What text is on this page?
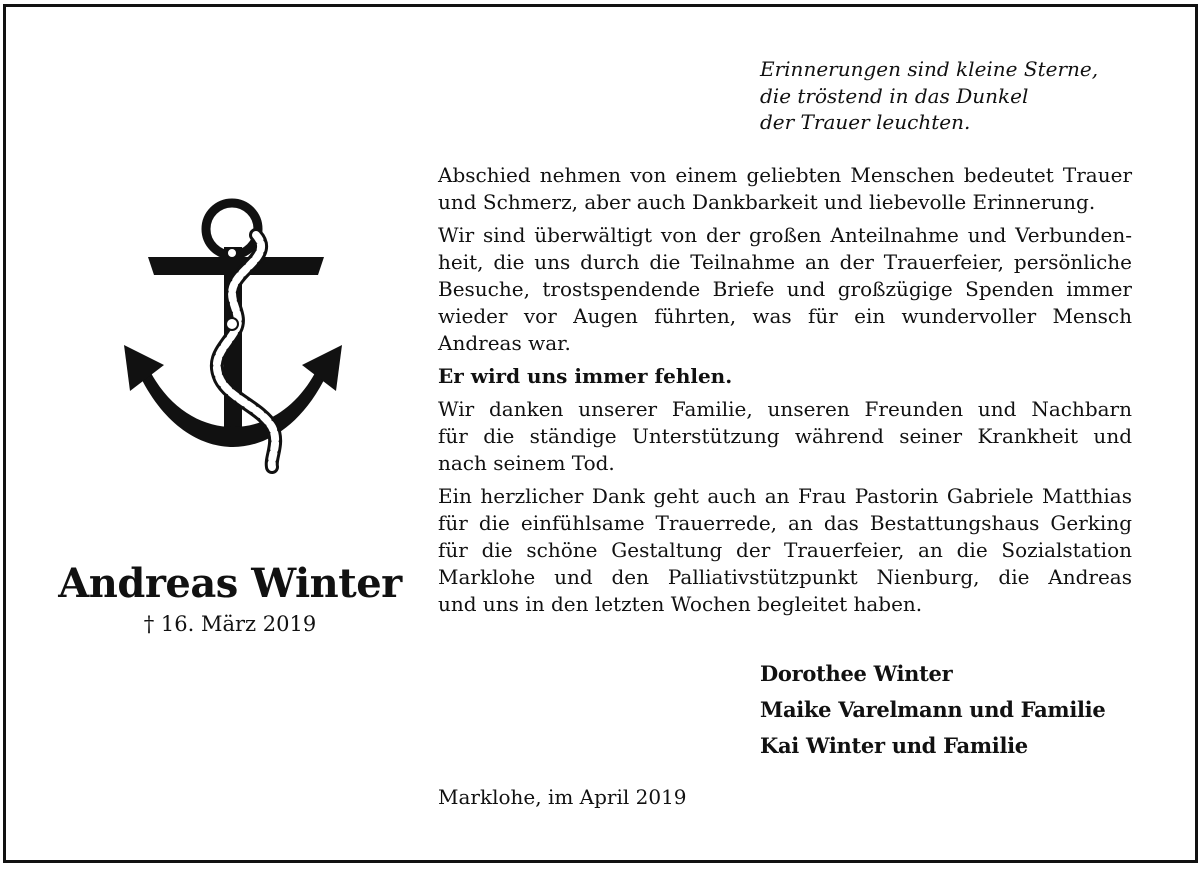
Erinnerungen sind kleine Sterne,
die tröstend in das Dunkel
der Trauer leuchten.
Andreas Winter
† 16. März 2019

Abschied nehmen von einem geliebten Menschen bedeutet Trauer
und Schmerz, aber auch Dankbarkeit und liebevolle Erinnerung.

Wir sind überwältigt von der großen Anteilnahme und Verbunden-
heit, die uns durch die Teilnahme an der Trauerfeier, persönliche
Besuche, trostspendende Briefe und großzügige Spenden immer
wieder vor Augen führten, was für ein wundervoller Mensch
Andreas war.

Er wird uns immer fehlen.

Wir danken unserer Familie, unseren Freunden und Nachbarn
für die ständige Unterstützung während seiner Krankheit und
nach seinem Tod.

Ein herzlicher Dank geht auch an Frau Pastorin Gabriele Matthias
für die einfühlsame Trauerrede, an das Bestattungshaus Gerking
für die schöne Gestaltung der Trauerfeier, an die Sozialstation
Marklohe und den Palliativstützpunkt Nienburg, die Andreas
und uns in den letzten Wochen begleitet haben.

Dorothee Winter
Maike Varelmann und Familie
Kai Winter und Familie
Marklohe, im April 2019
